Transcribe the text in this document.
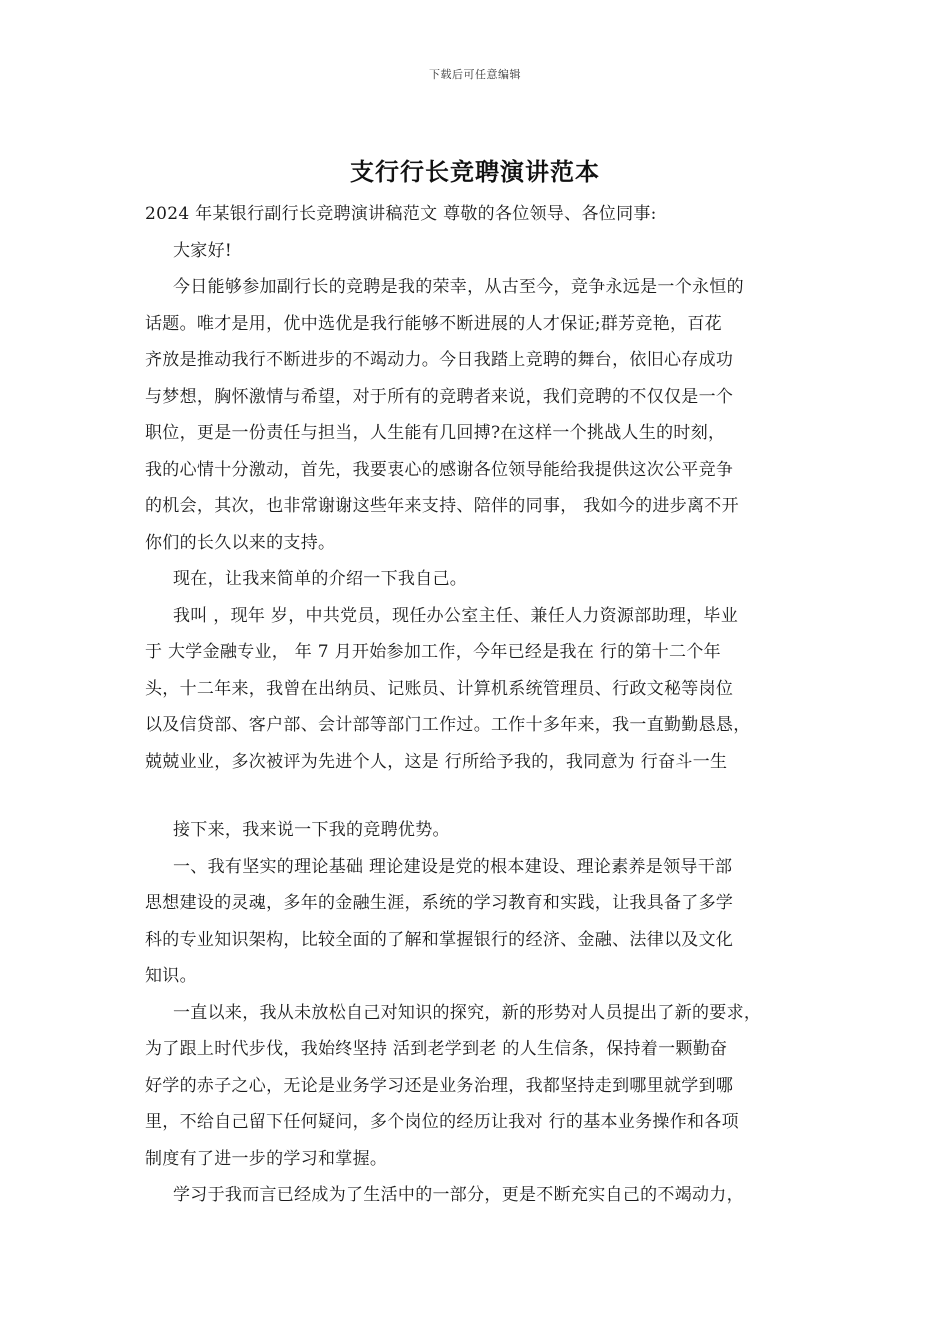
下载后可任意编辑
支行行长竞聘演讲范本
2024 年某银行副行长竞聘演讲稿范文 尊敬的各位领导、各位同事:
大家好!
今日能够参加副行长的竞聘是我的荣幸，从古至今，竞争永远是一个永恒的
话题。唯才是用，优中选优是我行能够不断进展的人才保证;群芳竞艳，百花
齐放是推动我行不断进步的不竭动力。今日我踏上竞聘的舞台，依旧心存成功
与梦想，胸怀激情与希望，对于所有的竞聘者来说，我们竞聘的不仅仅是一个
职位，更是一份责任与担当，人生能有几回搏?在这样一个挑战人生的时刻，
我的心情十分激动，首先，我要衷心的感谢各位领导能给我提供这次公平竞争
的机会，其次，也非常谢谢这些年来支持、陪伴的同事， 我如今的进步离不开
你们的长久以来的支持。
现在，让我来简单的介绍一下我自己。
我叫 ，现年 岁，中共党员，现任办公室主任、兼任人力资源部助理，毕业
于 大学金融专业， 年 7 月开始参加工作，今年已经是我在 行的第十二个年
头，十二年来，我曾在出纳员、记账员、计算机系统管理员、行政文秘等岗位
以及信贷部、客户部、会计部等部门工作过。工作十多年来，我一直勤勤恳恳，
兢兢业业，多次被评为先进个人，这是 行所给予我的，我同意为 行奋斗一生
接下来，我来说一下我的竞聘优势。
一、我有坚实的理论基础 理论建设是党的根本建设、理论素养是领导干部
思想建设的灵魂，多年的金融生涯，系统的学习教育和实践，让我具备了多学
科的专业知识架构，比较全面的了解和掌握银行的经济、金融、法律以及文化
知识。
一直以来，我从未放松自己对知识的探究，新的形势对人员提出了新的要求，
为了跟上时代步伐，我始终坚持 活到老学到老 的人生信条，保持着一颗勤奋
好学的赤子之心，无论是业务学习还是业务治理，我都坚持走到哪里就学到哪
里，不给自己留下任何疑问，多个岗位的经历让我对 行的基本业务操作和各项
制度有了进一步的学习和掌握。
学习于我而言已经成为了生活中的一部分，更是不断充实自己的不竭动力，
